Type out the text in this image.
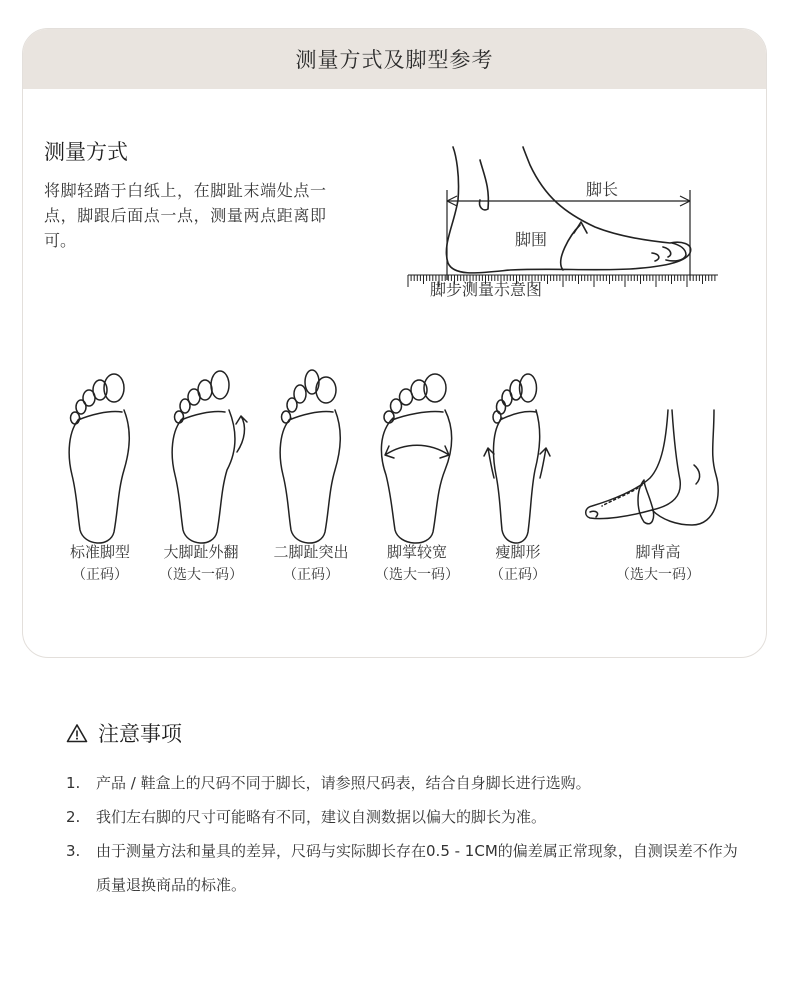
测量方式及脚型参考
测量方式
将脚轻踏于白纸上，在脚趾末端处点一点，脚跟后面点一点，测量两点距离即可。
脚长
脚围
脚步测量示意图
标准脚型
（正码）
大脚趾外翻
（选大一码）
二脚趾突出
（正码）
脚掌较宽
（选大一码）
瘦脚形
（正码）
脚背高
（选大一码）
注意事项
1. 产品 / 鞋盒上的尺码不同于脚长，请参照尺码表，结合自身脚长进行选购。
2. 我们左右脚的尺寸可能略有不同，建议自测数据以偏大的脚长为准。
3. 由于测量方法和量具的差异，尺码与实际脚长存在0.5 - 1CM的偏差属正常现象，自测误差不作为质量退换商品的标准。
